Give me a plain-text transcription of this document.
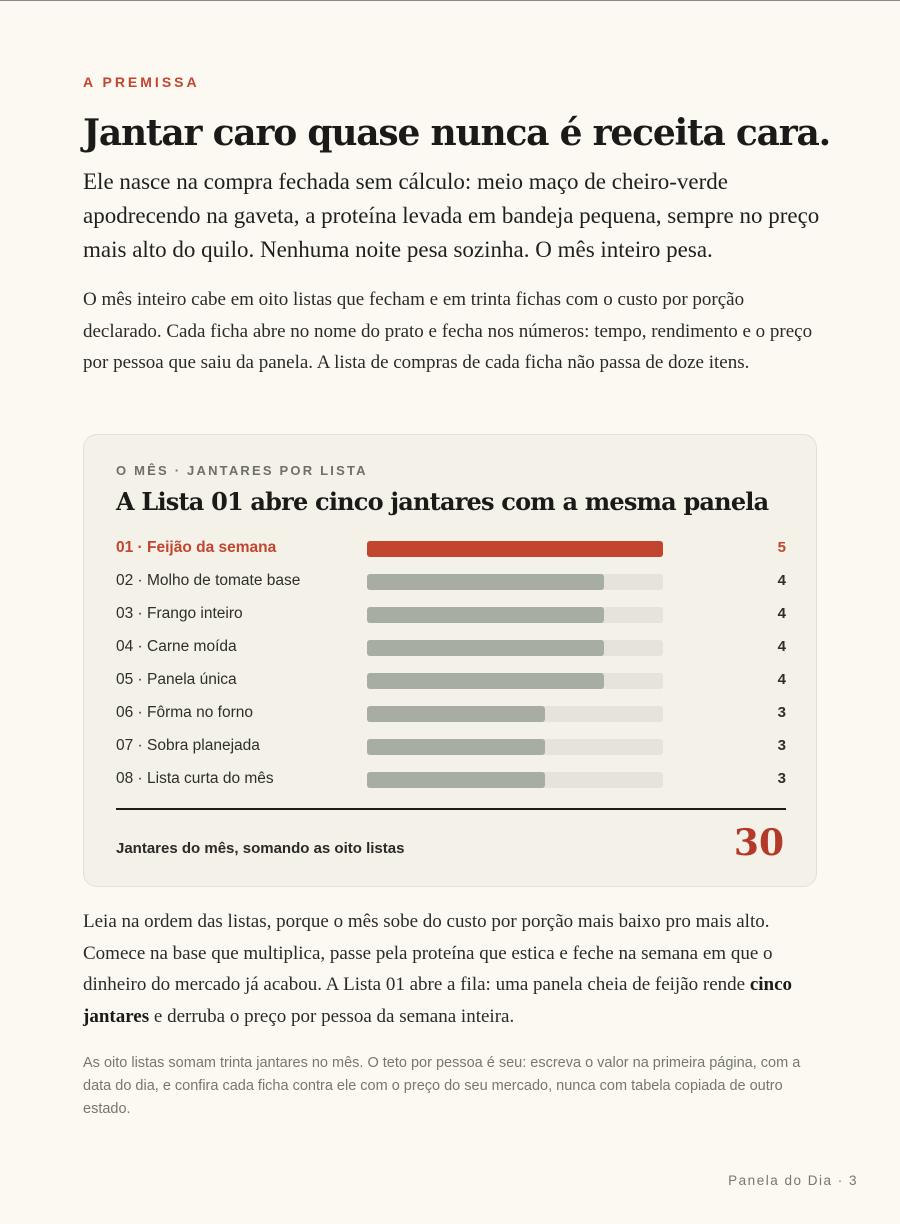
A PREMISSA
Jantar caro quase nunca é receita cara.

Ele nasce na compra fechada sem cálculo: meio maço de cheiro-verde apodrecendo na gaveta, a proteína levada em bandeja pequena, sempre no preço mais alto do quilo. Nenhuma noite pesa sozinha. O mês inteiro pesa.

O mês inteiro cabe em oito listas que fecham e em trinta fichas com o custo por porção declarado. Cada ficha abre no nome do prato e fecha nos números: tempo, rendimento e o preço por pessoa que saiu da panela. A lista de compras de cada ficha não passa de doze itens.

O MÊS · JANTARES POR LISTA
A Lista 01 abre cinco jantares com a mesma panela
01 · Feijão da semana	5
02 · Molho de tomate base	4
03 · Frango inteiro	4
04 · Carne moída	4
05 · Panela única	4
06 · Fôrma no forno	3
07 · Sobra planejada	3
08 · Lista curta do mês	3
Jantares do mês, somando as oito listas	30

Leia na ordem das listas, porque o mês sobe do custo por porção mais baixo pro mais alto. Comece na base que multiplica, passe pela proteína que estica e feche na semana em que o dinheiro do mercado já acabou. A Lista 01 abre a fila: uma panela cheia de feijão rende cinco jantares e derruba o preço por pessoa da semana inteira.

As oito listas somam trinta jantares no mês. O teto por pessoa é seu: escreva o valor na primeira página, com a data do dia, e confira cada ficha contra ele com o preço do seu mercado, nunca com tabela copiada de outro estado.

Panela do Dia · 3
